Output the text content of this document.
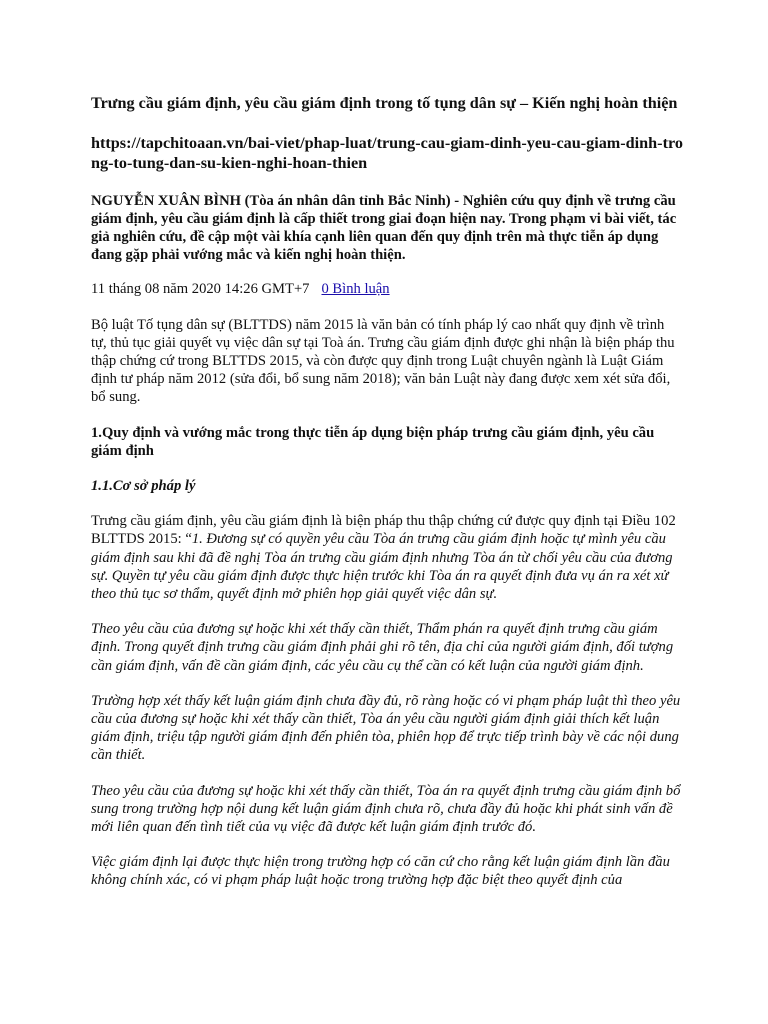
Trưng cầu giám định, yêu cầu giám định trong tố tụng dân sự – Kiến nghị hoàn thiện
https://tapchitoaan.vn/bai-viet/phap-luat/trung-cau-giam-dinh-yeu-cau-giam-dinh-trong-to-tung-dan-su-kien-nghi-hoan-thien
NGUYỄN XUÂN BÌNH (Tòa án nhân dân tỉnh Bắc Ninh) - Nghiên cứu quy định về trưng cầu giám định, yêu cầu giám định là cấp thiết trong giai đoạn hiện nay. Trong phạm vi bài viết, tác giả nghiên cứu, đề cập một vài khía cạnh liên quan đến quy định trên mà thực tiễn áp dụng đang gặp phải vướng mắc và kiến nghị hoàn thiện.
11 tháng 08 năm 2020 14:26 GMT+7 0 Bình luận

Bộ luật Tố tụng dân sự (BLTTDS) năm 2015 là văn bản có tính pháp lý cao nhất quy định về trình tự, thủ tục giải quyết vụ việc dân sự tại Toà án. Trưng cầu giám định được ghi nhận là biện pháp thu thập chứng cứ trong BLTTDS 2015, và còn được quy định trong Luật chuyên ngành là Luật Giám định tư pháp năm 2012 (sửa đổi, bổ sung năm 2018); văn bản Luật này đang được xem xét sửa đổi, bổ sung.

1.Quy định và vướng mắc trong thực tiễn áp dụng biện pháp trưng cầu giám định, yêu cầu giám định
1.1.Cơ sở pháp lý

Trưng cầu giám định, yêu cầu giám định là biện pháp thu thập chứng cứ được quy định tại Điều 102 BLTTDS 2015: “1. Đương sự có quyền yêu cầu Tòa án trưng cầu giám định hoặc tự mình yêu cầu giám định sau khi đã đề nghị Tòa án trưng cầu giám định nhưng Tòa án từ chối yêu cầu của đương sự. Quyền tự yêu cầu giám định được thực hiện trước khi Tòa án ra quyết định đưa vụ án ra xét xử theo thủ tục sơ thẩm, quyết định mở phiên họp giải quyết việc dân sự.

Theo yêu cầu của đương sự hoặc khi xét thấy cần thiết, Thẩm phán ra quyết định trưng cầu giám định. Trong quyết định trưng cầu giám định phải ghi rõ tên, địa chỉ của người giám định, đối tượng cần giám định, vấn đề cần giám định, các yêu cầu cụ thể cần có kết luận của người giám định.

Trường hợp xét thấy kết luận giám định chưa đầy đủ, rõ ràng hoặc có vi phạm pháp luật thì theo yêu cầu của đương sự hoặc khi xét thấy cần thiết, Tòa án yêu cầu người giám định giải thích kết luận giám định, triệu tập người giám định đến phiên tòa, phiên họp để trực tiếp trình bày về các nội dung cần thiết.

Theo yêu cầu của đương sự hoặc khi xét thấy cần thiết, Tòa án ra quyết định trưng cầu giám định bổ sung trong trường hợp nội dung kết luận giám định chưa rõ, chưa đầy đủ hoặc khi phát sinh vấn đề mới liên quan đến tình tiết của vụ việc đã được kết luận giám định trước đó.

Việc giám định lại được thực hiện trong trường hợp có căn cứ cho rằng kết luận giám định lần đầu không chính xác, có vi phạm pháp luật hoặc trong trường hợp đặc biệt theo quyết định của
